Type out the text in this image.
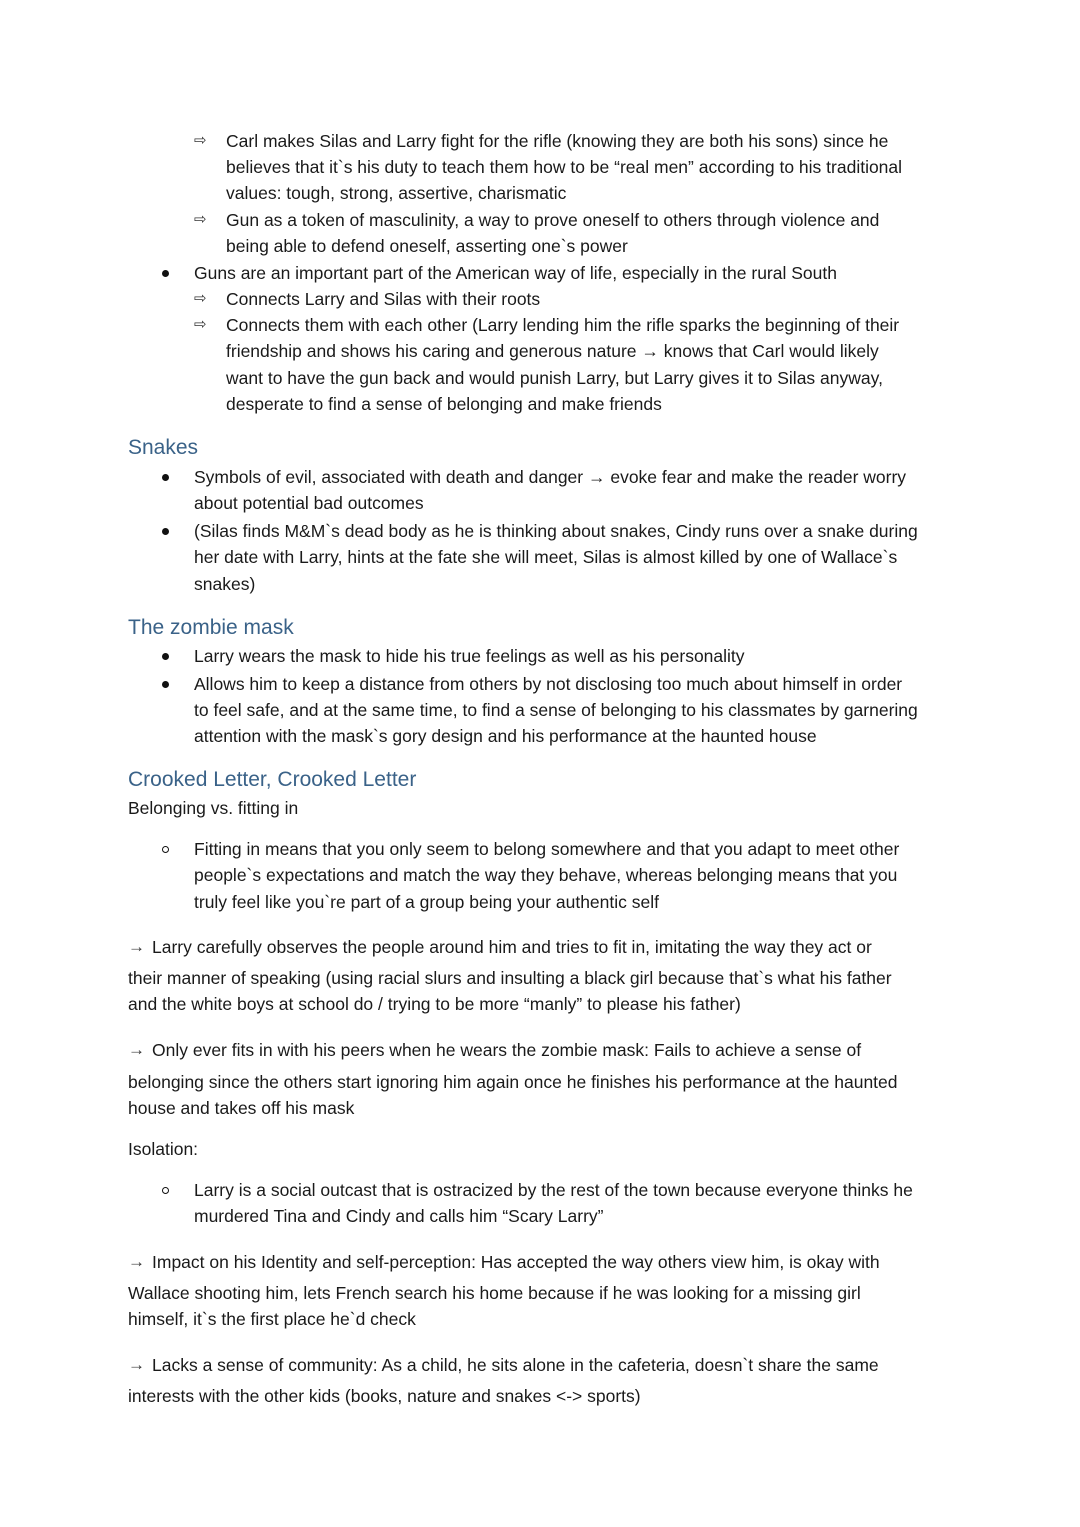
⇨ Carl makes Silas and Larry fight for the rifle (knowing they are both his sons) since he
believes that it`s his duty to teach them how to be “real men” according to his traditional
values: tough, strong, assertive, charismatic
⇨ Gun as a token of masculinity, a way to prove oneself to others through violence and
being able to defend oneself, asserting one`s power
Guns are an important part of the American way of life, especially in the rural South
⇨ Connects Larry and Silas with their roots
⇨ Connects them with each other (Larry lending him the rifle sparks the beginning of their
friendship and shows his caring and generous nature → knows that Carl would likely
want to have the gun back and would punish Larry, but Larry gives it to Silas anyway,
desperate to find a sense of belonging and make friends
Snakes
Symbols of evil, associated with death and danger → evoke fear and make the reader worry
about potential bad outcomes
(Silas finds M&M`s dead body as he is thinking about snakes, Cindy runs over a snake during
her date with Larry, hints at the fate she will meet, Silas is almost killed by one of Wallace`s
snakes)
The zombie mask
Larry wears the mask to hide his true feelings as well as his personality
Allows him to keep a distance from others by not disclosing too much about himself in order
to feel safe, and at the same time, to find a sense of belonging to his classmates by garnering
attention with the mask`s gory design and his performance at the haunted house
Crooked Letter, Crooked Letter
Belonging vs. fitting in
Fitting in means that you only seem to belong somewhere and that you adapt to meet other
people`s expectations and match the way they behave, whereas belonging means that you
truly feel like you`re part of a group being your authentic self
→ Larry carefully observes the people around him and tries to fit in, imitating the way they act or
their manner of speaking (using racial slurs and insulting a black girl because that`s what his father
and the white boys at school do / trying to be more “manly” to please his father)
→ Only ever fits in with his peers when he wears the zombie mask: Fails to achieve a sense of
belonging since the others start ignoring him again once he finishes his performance at the haunted
house and takes off his mask
Isolation:
Larry is a social outcast that is ostracized by the rest of the town because everyone thinks he
murdered Tina and Cindy and calls him “Scary Larry”
→ Impact on his Identity and self-perception: Has accepted the way others view him, is okay with
Wallace shooting him, lets French search his home because if he was looking for a missing girl
himself, it`s the first place he`d check
→ Lacks a sense of community: As a child, he sits alone in the cafeteria, doesn`t share the same
interests with the other kids (books, nature and snakes <-> sports)
